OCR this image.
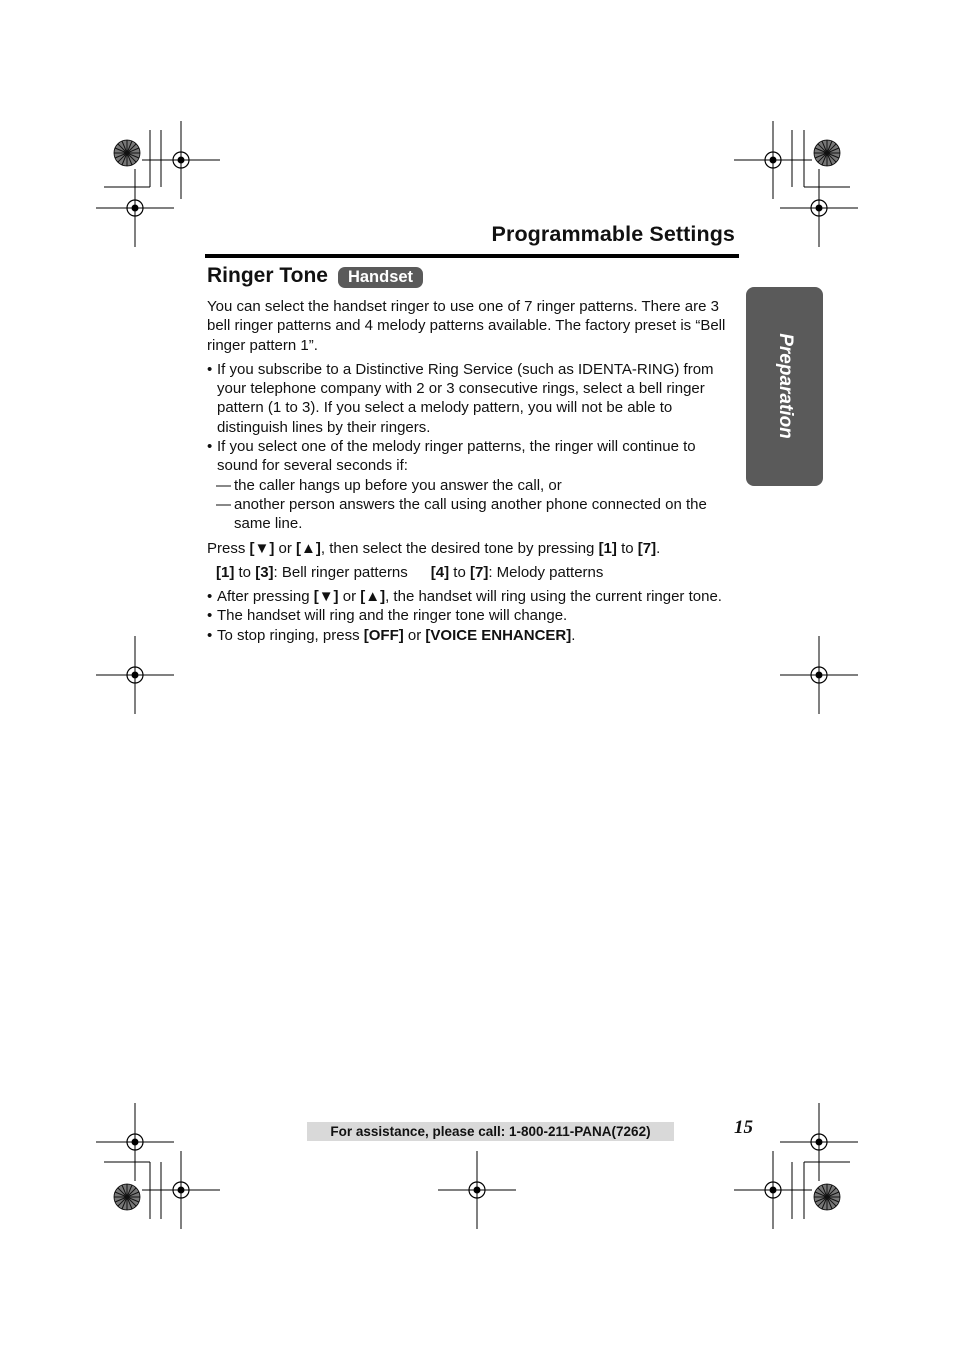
Programmable Settings
Ringer Tone	Handset

You can select the handset ringer to use one of 7 ringer patterns. There are 3 bell ringer patterns and 4 melody patterns available. The factory preset is “Bell ringer pattern 1”.

• If you subscribe to a Distinctive Ring Service (such as IDENTA-RING) from your telephone company with 2 or 3 consecutive rings, select a bell ringer pattern (1 to 3). If you select a melody pattern, you will not be able to distinguish lines by their ringers.

• If you select one of the melody ringer patterns, the ringer will continue to sound for several seconds if:

— the caller hangs up before you answer the call, or

— another person answers the call using another phone connected on the same line.

Press [▼] or [▲], then select the desired tone by pressing [1] to [7].

[1] to [3]: Bell ringer patterns [4] to [7]: Melody patterns

• After pressing [▼] or [▲], the handset will ring using the current ringer tone.

• The handset will ring and the ringer tone will change.

• To stop ringing, press [OFF] or [VOICE ENHANCER].

Preparation
For assistance, please call: 1-800-211-PANA(7262)	15
